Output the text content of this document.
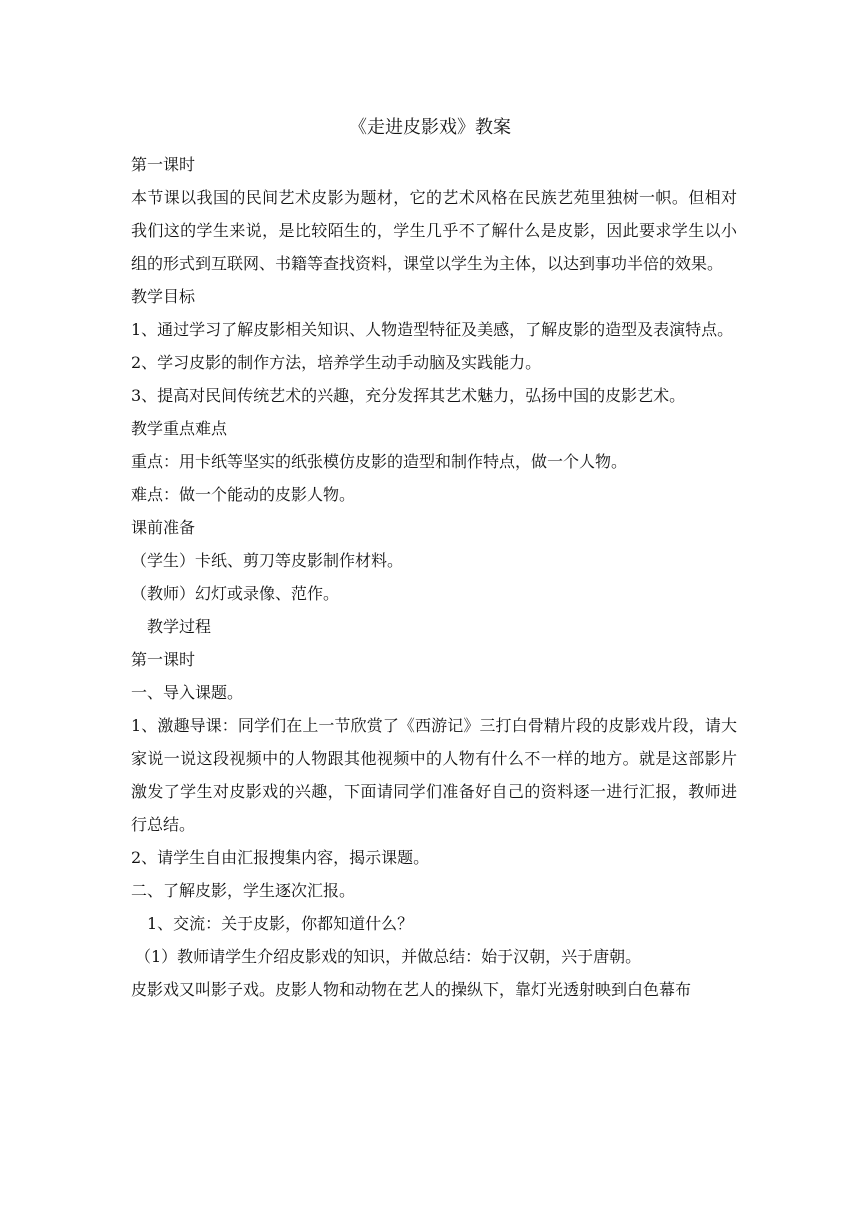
《走进皮影戏》教案

第一课时

本节课以我国的民间艺术皮影为题材，它的艺术风格在民族艺苑里独树一帜。但相对我们这的学生来说，是比较陌生的，学生几乎不了解什么是皮影，因此要求学生以小组的形式到互联网、书籍等查找资料，课堂以学生为主体，以达到事功半倍的效果。

教学目标

1、通过学习了解皮影相关知识、人物造型特征及美感，了解皮影的造型及表演特点。

2、学习皮影的制作方法，培养学生动手动脑及实践能力。

3、提高对民间传统艺术的兴趣，充分发挥其艺术魅力，弘扬中国的皮影艺术。

教学重点难点

重点：用卡纸等坚实的纸张模仿皮影的造型和制作特点，做一个人物。

难点：做一个能动的皮影人物。

课前准备

（学生）卡纸、剪刀等皮影制作材料。

（教师）幻灯或录像、范作。

教学过程

第一课时

一、导入课题。

1、激趣导课：同学们在上一节欣赏了《西游记》三打白骨精片段的皮影戏片段，请大家说一说这段视频中的人物跟其他视频中的人物有什么不一样的地方。就是这部影片激发了学生对皮影戏的兴趣，下面请同学们准备好自己的资料逐一进行汇报，教师进行总结。

2、请学生自由汇报搜集内容，揭示课题。

二、了解皮影，学生逐次汇报。

1、交流：关于皮影，你都知道什么？

（1）教师请学生介绍皮影戏的知识，并做总结：始于汉朝，兴于唐朝。

皮影戏又叫影子戏。皮影人物和动物在艺人的操纵下，靠灯光透射映到白色幕布
